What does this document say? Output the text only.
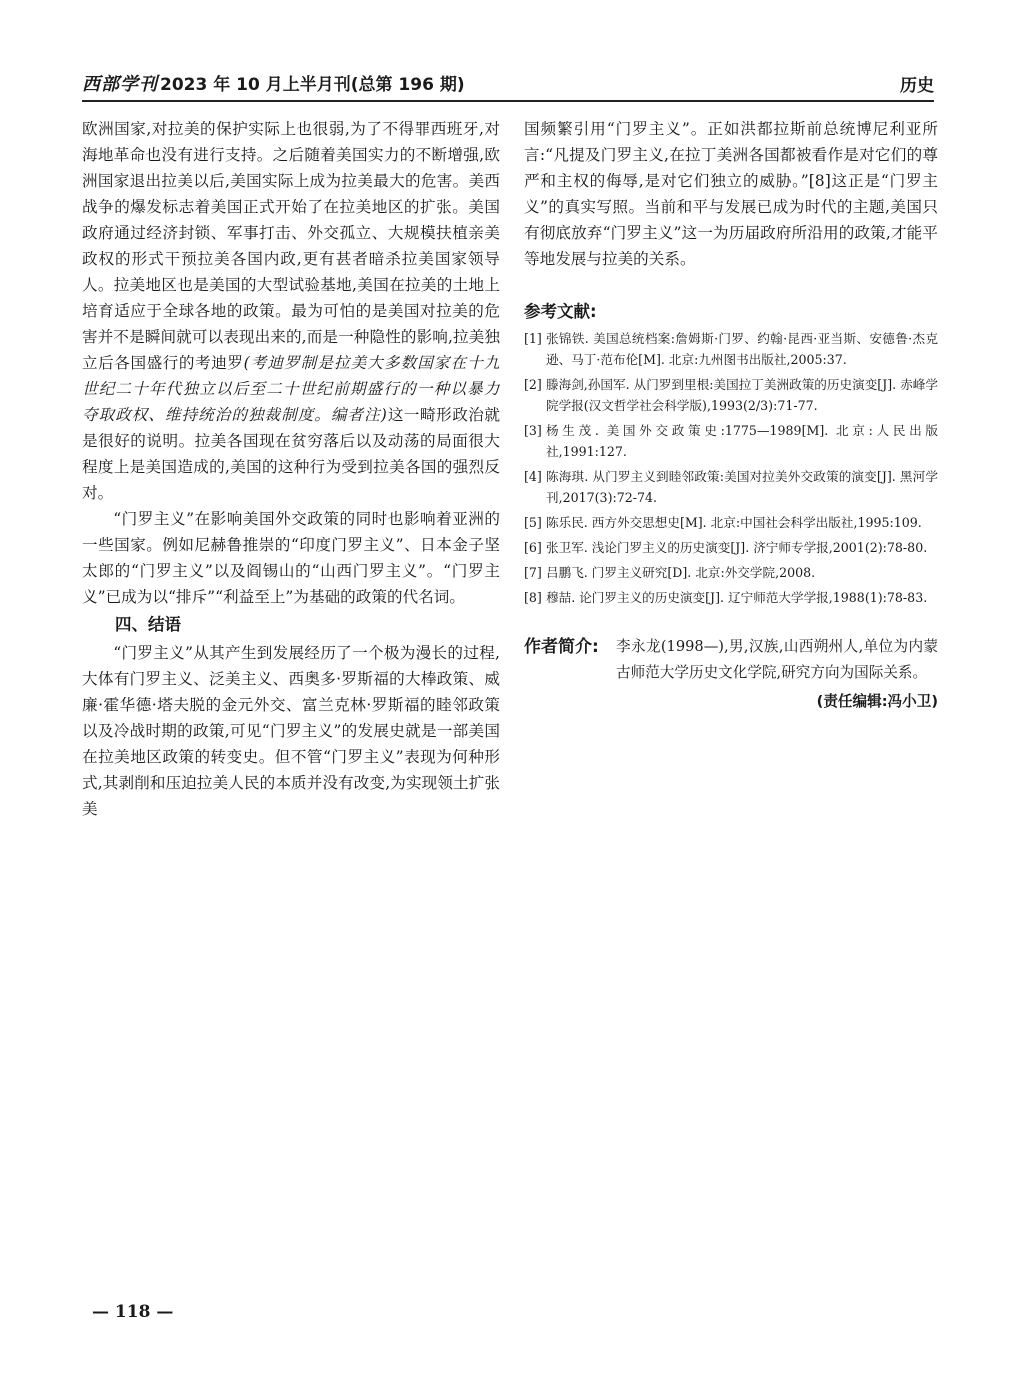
西部学刊 2023 年 10 月上半月刊(总第 196 期)	历史

欧洲国家,对拉美的保护实际上也很弱,为了不得罪西班牙,对海地革命也没有进行支持。之后随着美国实力的不断增强,欧洲国家退出拉美以后,美国实际上成为拉美最大的危害。美西战争的爆发标志着美国正式开始了在拉美地区的扩张。美国政府通过经济封锁、军事打击、外交孤立、大规模扶植亲美政权的形式干预拉美各国内政,更有甚者暗杀拉美国家领导人。拉美地区也是美国的大型试验基地,美国在拉美的土地上培育适应于全球各地的政策。最为可怕的是美国对拉美的危害并不是瞬间就可以表现出来的,而是一种隐性的影响,拉美独立后各国盛行的考迪罗(考迪罗制是拉美大多数国家在十九世纪二十年代独立以后至二十世纪前期盛行的一种以暴力夺取政权、维持统治的独裁制度。编者注)这一畸形政治就是很好的说明。拉美各国现在贫穷落后以及动荡的局面很大程度上是美国造成的,美国的这种行为受到拉美各国的强烈反对。

“门罗主义”在影响美国外交政策的同时也影响着亚洲的一些国家。例如尼赫鲁推崇的“印度门罗主义”、日本金子坚太郎的“门罗主义”以及阎锡山的“山西门罗主义”。“门罗主义”已成为以“排斥”“利益至上”为基础的政策的代名词。

四、结语

“门罗主义”从其产生到发展经历了一个极为漫长的过程,大体有门罗主义、泛美主义、西奥多·罗斯福的大棒政策、威廉·霍华德·塔夫脱的金元外交、富兰克林·罗斯福的睦邻政策以及冷战时期的政策,可见“门罗主义”的发展史就是一部美国在拉美地区政策的转变史。但不管“门罗主义”表现为何种形式,其剥削和压迫拉美人民的本质并没有改变,为实现领土扩张美

国频繁引用“门罗主义”。正如洪都拉斯前总统博尼利亚所言:“凡提及门罗主义,在拉丁美洲各国都被看作是对它们的尊严和主权的侮辱,是对它们独立的威胁。”[8]这正是“门罗主义”的真实写照。当前和平与发展已成为时代的主题,美国只有彻底放弃“门罗主义”这一为历届政府所沿用的政策,才能平等地发展与拉美的关系。

参考文献:
[1] 张锦铁. 美国总统档案:詹姆斯·门罗、约翰·昆西·亚当斯、安德鲁·杰克逊、马丁·范布伦[M]. 北京:九州图书出版社,2005:37.
[2] 滕海剑,孙国军. 从门罗到里根:美国拉丁美洲政策的历史演变[J]. 赤峰学院学报(汉文哲学社会科学版),1993(2/3):71-77.
[3] 杨生茂. 美国外交政策史:1775—1989[M]. 北京:人民出版社,1991:127.
[4] 陈海琪. 从门罗主义到睦邻政策:美国对拉美外交政策的演变[J]. 黑河学刊,2017(3):72-74.
[5] 陈乐民. 西方外交思想史[M]. 北京:中国社会科学出版社,1995:109.
[6] 张卫军. 浅论门罗主义的历史演变[J]. 济宁师专学报,2001(2):78-80.
[7] 吕鹏飞. 门罗主义研究[D]. 北京:外交学院,2008.
[8] 穆喆. 论门罗主义的历史演变[J]. 辽宁师范大学学报,1988(1):78-83.
作者简介:	李永龙(1998—),男,汉族,山西朔州人,单位为内蒙古师范大学历史文化学院,研究方向为国际关系。
(责任编辑:冯小卫)
— 118 —
